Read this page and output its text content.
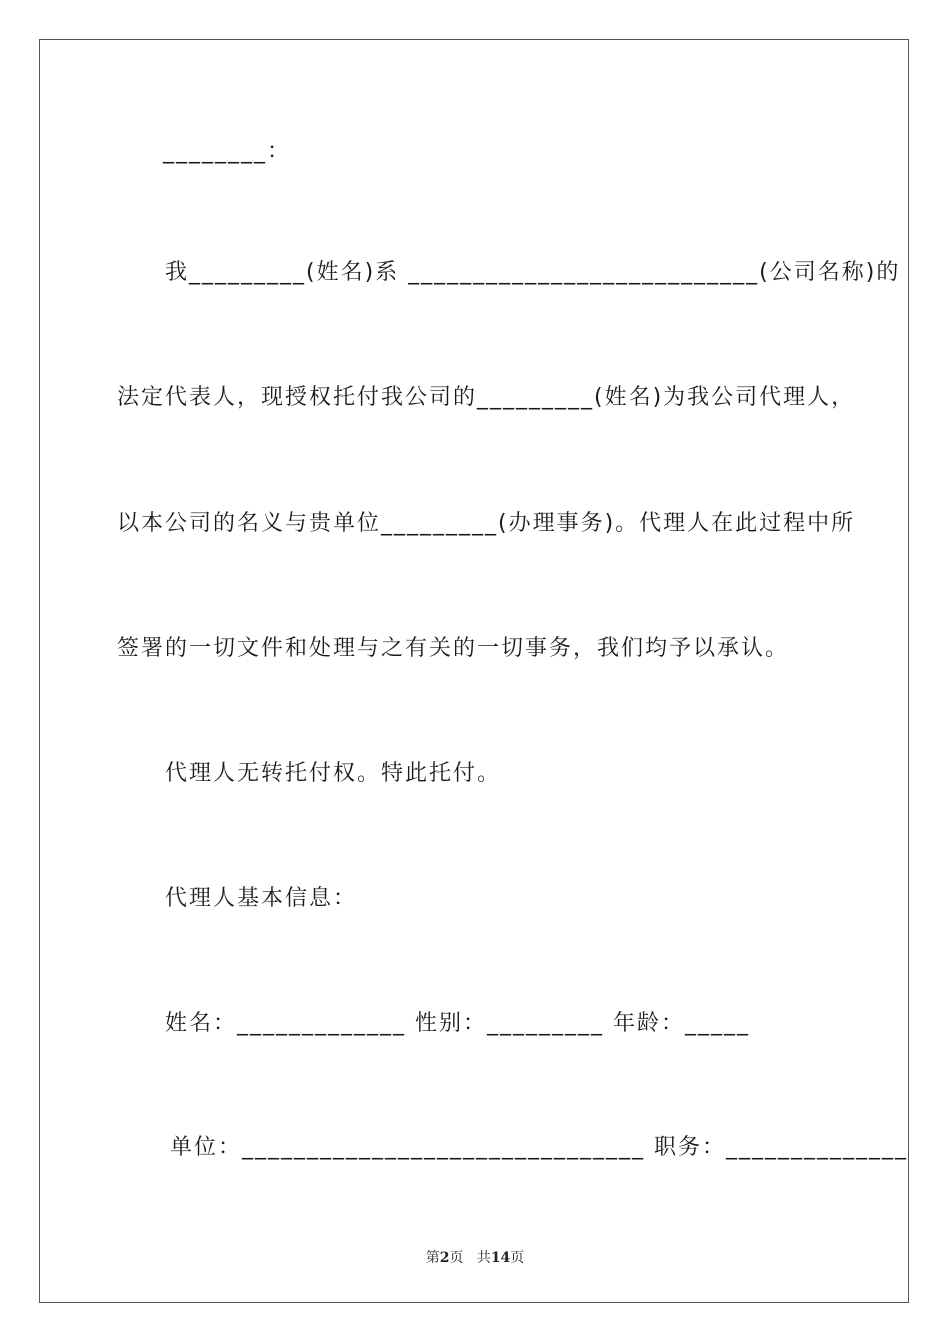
________：
我_________(姓名)系 ___________________________(公司名称)的
法定代表人，现授权托付我公司的_________(姓名)为我公司代理人，
以本公司的名义与贵单位_________(办理事务)。代理人在此过程中所
签署的一切文件和处理与之有关的一切事务，我们均予以承认。
代理人无转托付权。特此托付。
代理人基本信息：
姓名：_____________ 性别：_________ 年龄：_____
单位：_______________________________ 职务：______________
第2页 共14页
